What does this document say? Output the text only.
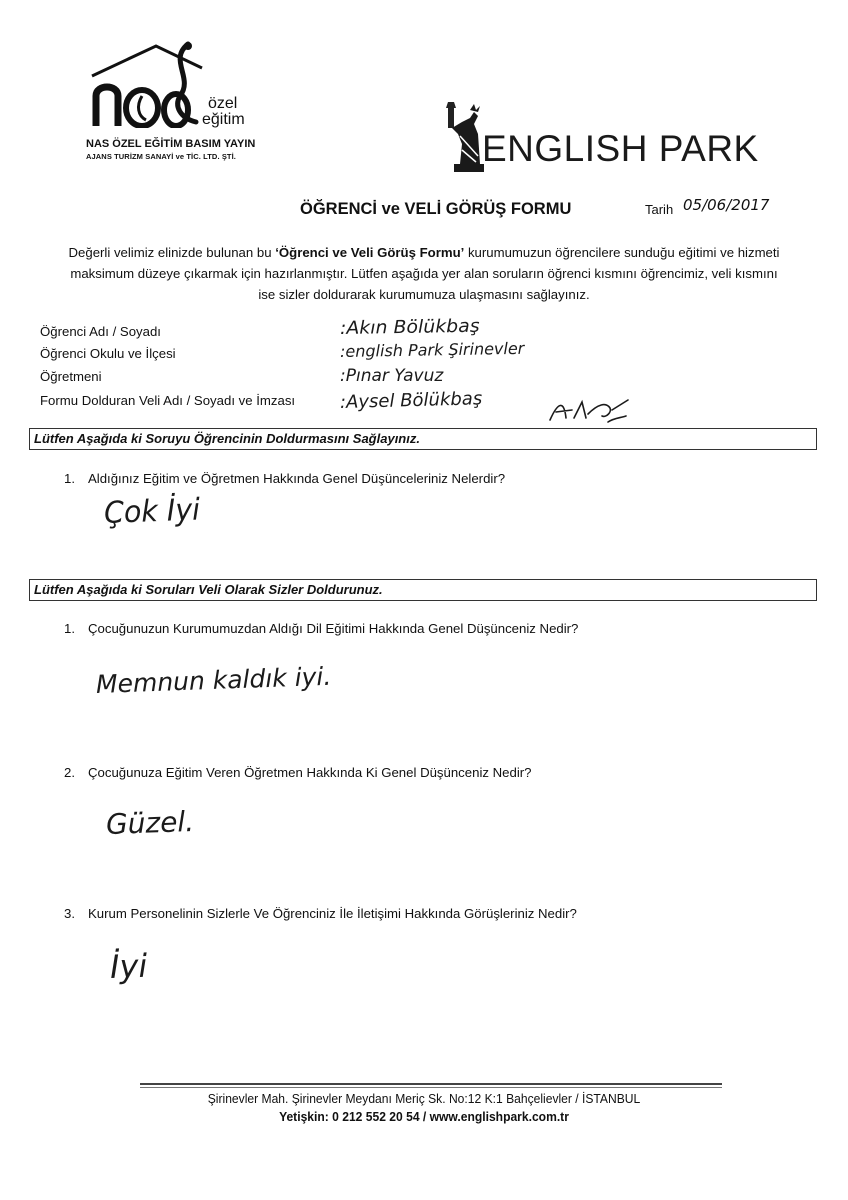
özel
eğitim
NAS ÖZEL EĞİTİM BASIM YAYIN
AJANS TURİZM SANAYİ ve TİC. LTD. ŞTİ.	ENGLISH PARK
ÖĞRENCİ ve VELİ GÖRÜŞ FORMU	Tarih 05/06/2017
Değerli velimiz elinizde bulunan bu ‘Öğrenci ve Veli Görüş Formu’ kurumumuzun öğrencilere sunduğu eğitimi ve hizmeti
maksimum düzeye çıkarmak için hazırlanmıştır. Lütfen aşağıda yer alan soruların öğrenci kısmını öğrencimiz, veli kısmını
ise sizler doldurarak kurumumuza ulaşmasını sağlayınız.
Öğrenci Adı / Soyadı	:Akın Bölükbaş
Öğrenci Okulu ve İlçesi	:english Park Şirinevler
Öğretmeni	:Pınar Yavuz
Formu Dolduran Veli Adı / Soyadı ve İmzası :Aysel Bölükbaş
Lütfen Aşağıda ki Soruyu Öğrencinin Doldurmasını Sağlayınız.
1. Aldığınız Eğitim ve Öğretmen Hakkında Genel Düşünceleriniz Nelerdir?
Çok İyi
Lütfen Aşağıda ki Soruları Veli Olarak Sizler Doldurunuz.
1. Çocuğunuzun Kurumumuzdan Aldığı Dil Eğitimi Hakkında Genel Düşünceniz Nedir?
Memnun kaldık iyi.
2. Çocuğunuza Eğitim Veren Öğretmen Hakkında Ki Genel Düşünceniz Nedir?
Güzel.
3. Kurum Personelinin Sizlerle Ve Öğrenciniz İle İletişimi Hakkında Görüşleriniz Nedir?
İyi
Şirinevler Mah. Şirinevler Meydanı Meriç Sk. No:12 K:1 Bahçelievler / İSTANBUL
Yetişkin: 0 212 552 20 54 / www.englishpark.com.tr
